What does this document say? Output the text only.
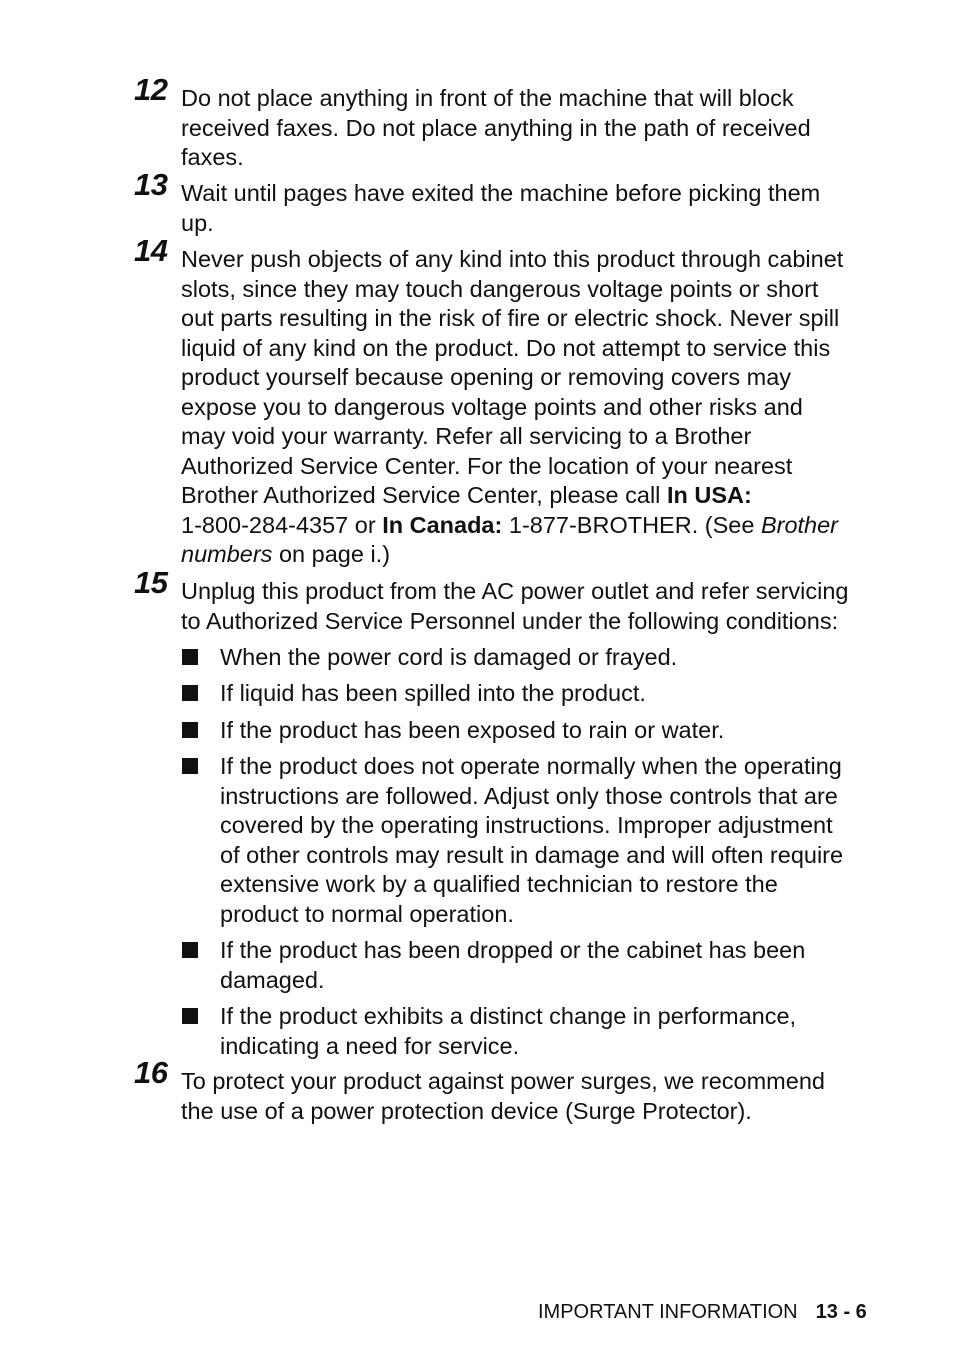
12 Do not place anything in front of the machine that will block
received faxes. Do not place anything in the path of received
faxes.
13 Wait until pages have exited the machine before picking them
up.
14 Never push objects of any kind into this product through cabinet
slots, since they may touch dangerous voltage points or short
out parts resulting in the risk of fire or electric shock. Never spill
liquid of any kind on the product. Do not attempt to service this
product yourself because opening or removing covers may
expose you to dangerous voltage points and other risks and
may void your warranty. Refer all servicing to a Brother
Authorized Service Center. For the location of your nearest
Brother Authorized Service Center, please call In USA:
1-800-284-4357 or In Canada: 1-877-BROTHER. (See Brother
numbers on page i.)
15 Unplug this product from the AC power outlet and refer servicing
to Authorized Service Personnel under the following conditions:
When the power cord is damaged or frayed.
If liquid has been spilled into the product.
If the product has been exposed to rain or water.
If the product does not operate normally when the operating
instructions are followed. Adjust only those controls that are
covered by the operating instructions. Improper adjustment
of other controls may result in damage and will often require
extensive work by a qualified technician to restore the
product to normal operation.
If the product has been dropped or the cabinet has been
damaged.
If the product exhibits a distinct change in performance,
indicating a need for service.
16 To protect your product against power surges, we recommend
the use of a power protection device (Surge Protector).
IMPORTANT INFORMATION 13 - 6
